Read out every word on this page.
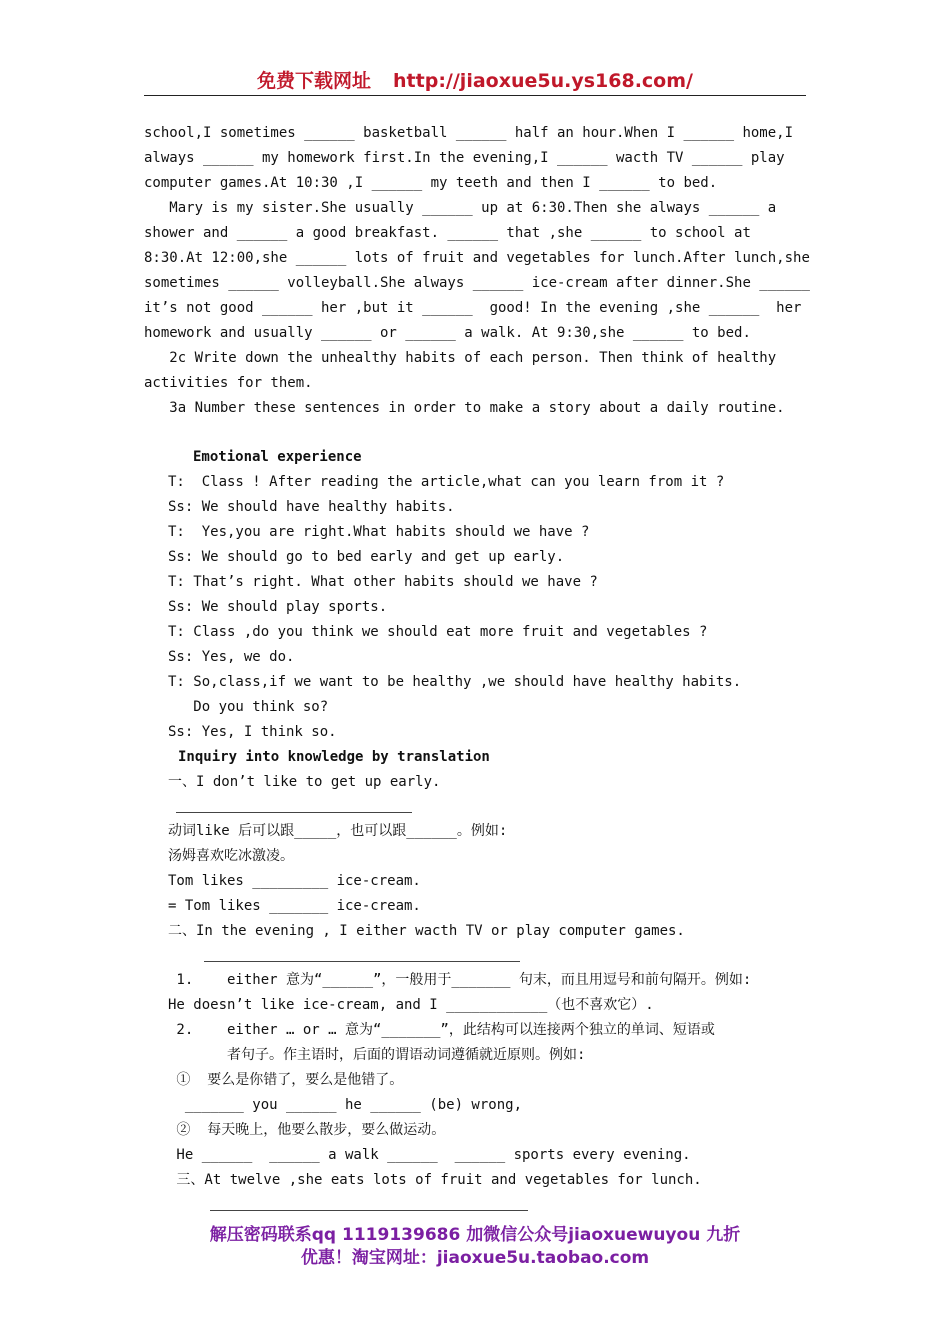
免费下载网址 http://jiaoxue5u.ys168.com/
school,I sometimes ______ basketball ______ half an hour.When I ______ home,I
always ______ my homework first.In the evening,I ______ wacth TV ______ play
computer games.At 10:30 ,I ______ my teeth and then I ______ to bed.
Mary is my sister.She usually ______ up at 6:30.Then she always ______ a
shower and ______ a good breakfast. ______ that ,she ______ to school at
8:30.At 12:00,she ______ lots of fruit and vegetables for lunch.After lunch,she
sometimes ______ volleyball.She always ______ ice-cream after dinner.She ______
it’s not good ______ her ,but it ______  good! In the evening ,she ______  her
homework and usually ______ or ______ a walk. At 9:30,she ______ to bed.
2c Write down the unhealthy habits of each person. Then think of healthy
activities for them.
3a Number these sentences in order to make a story about a daily routine.
Emotional experience
T:  Class ! After reading the article,what can you learn from it ?
Ss: We should have healthy habits.
T:  Yes,you are right.What habits should we have ?
Ss: We should go to bed early and get up early.
T: That’s right. What other habits should we have ?
Ss: We should play sports.
T: Class ,do you think we should eat more fruit and vegetables ?
Ss: Yes, we do.
T: So,class,if we want to be healthy ,we should have healthy habits.
Do you think so?
Ss: Yes, I think so.
Inquiry into knowledge by translation
一、I don’t like to get up early.
动词like 后可以跟_____，也可以跟______。例如:
汤姆喜欢吃冰激凌。
Tom likes _________ ice-cream.
= Tom likes _______ ice-cream.
二、In the evening , I either wacth TV or play computer games.
1.    either 意为“______”，一般用于_______ 句末，而且用逗号和前句隔开。例如:
He doesn’t like ice-cream, and I ____________（也不喜欢它）.
2.    either … or … 意为“_______”，此结构可以连接两个独立的单词、短语或
者句子。作主语时，后面的谓语动词遵循就近原则。例如:
①  要么是你错了，要么是他错了。
_______ you ______ he ______ (be) wrong,
②  每天晚上，他要么散步，要么做运动。
He ______  ______ a walk ______  ______ sports every evening.
三、At twelve ,she eats lots of fruit and vegetables for lunch.
解压密码联系qq 1119139686 加微信公众号jiaoxuewuyou 九折
优惠！淘宝网址：jiaoxue5u.taobao.com
